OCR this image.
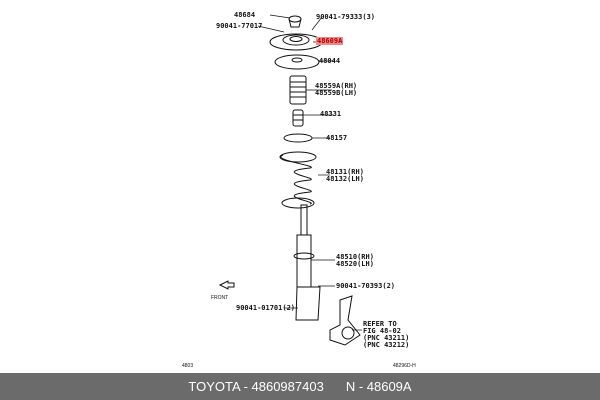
48684	90041-79333(3)
90041-77017
48609A
48044
48559A(RH)
48559B(LH)
48331
48157
48131(RH)
48132(LH)
48510(RH)
48520(LH)
90041-70393(2)
90041-01701(2)
FRONT
REFER TO
FIG 48-02
(PNC 43211)
(PNC 43212)
4803	48296D-H
TOYOTA - 4860987403 N - 48609A
